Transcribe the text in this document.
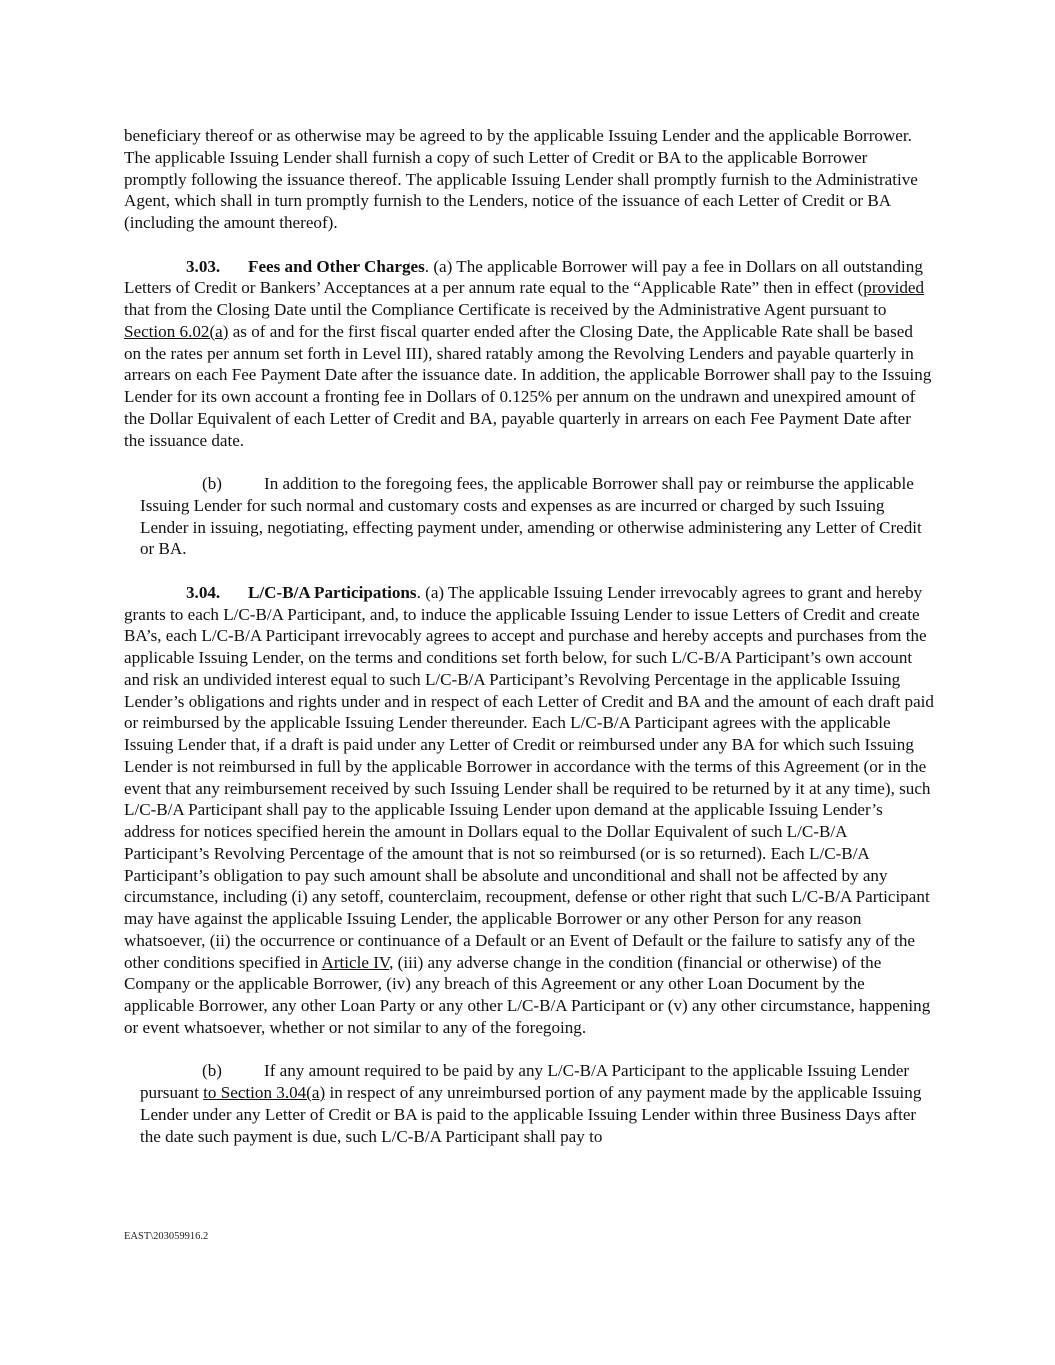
beneficiary thereof or as otherwise may be agreed to by the applicable Issuing Lender and the applicable Borrower. The applicable Issuing Lender shall furnish a copy of such Letter of Credit or BA to the applicable Borrower promptly following the issuance thereof. The applicable Issuing Lender shall promptly furnish to the Administrative Agent, which shall in turn promptly furnish to the Lenders, notice of the issuance of each Letter of Credit or BA (including the amount thereof).

3.03. Fees and Other Charges. (a) The applicable Borrower will pay a fee in Dollars on all outstanding Letters of Credit or Bankers’ Acceptances at a per annum rate equal to the “Applicable Rate” then in effect (provided that from the Closing Date until the Compliance Certificate is received by the Administrative Agent pursuant to Section 6.02(a) as of and for the first fiscal quarter ended after the Closing Date, the Applicable Rate shall be based on the rates per annum set forth in Level III), shared ratably among the Revolving Lenders and payable quarterly in arrears on each Fee Payment Date after the issuance date. In addition, the applicable Borrower shall pay to the Issuing Lender for its own account a fronting fee in Dollars of 0.125% per annum on the undrawn and unexpired amount of the Dollar Equivalent of each Letter of Credit and BA, payable quarterly in arrears on each Fee Payment Date after the issuance date.

(b) In addition to the foregoing fees, the applicable Borrower shall pay or reimburse the applicable Issuing Lender for such normal and customary costs and expenses as are incurred or charged by such Issuing Lender in issuing, negotiating, effecting payment under, amending or otherwise administering any Letter of Credit or BA.

3.04. L/C-B/A Participations. (a) The applicable Issuing Lender irrevocably agrees to grant and hereby grants to each L/C-B/A Participant, and, to induce the applicable Issuing Lender to issue Letters of Credit and create BA’s, each L/C-B/A Participant irrevocably agrees to accept and purchase and hereby accepts and purchases from the applicable Issuing Lender, on the terms and conditions set forth below, for such L/C-B/A Participant’s own account and risk an undivided interest equal to such L/C-B/A Participant’s Revolving Percentage in the applicable Issuing Lender’s obligations and rights under and in respect of each Letter of Credit and BA and the amount of each draft paid or reimbursed by the applicable Issuing Lender thereunder. Each L/C-B/A Participant agrees with the applicable Issuing Lender that, if a draft is paid under any Letter of Credit or reimbursed under any BA for which such Issuing Lender is not reimbursed in full by the applicable Borrower in accordance with the terms of this Agreement (or in the event that any reimbursement received by such Issuing Lender shall be required to be returned by it at any time), such L/C-B/A Participant shall pay to the applicable Issuing Lender upon demand at the applicable Issuing Lender’s address for notices specified herein the amount in Dollars equal to the Dollar Equivalent of such L/C-B/A Participant’s Revolving Percentage of the amount that is not so reimbursed (or is so returned). Each L/C-B/A Participant’s obligation to pay such amount shall be absolute and unconditional and shall not be affected by any circumstance, including (i) any setoff, counterclaim, recoupment, defense or other right that such L/C-B/A Participant may have against the applicable Issuing Lender, the applicable Borrower or any other Person for any reason whatsoever, (ii) the occurrence or continuance of a Default or an Event of Default or the failure to satisfy any of the other conditions specified in Article IV, (iii) any adverse change in the condition (financial or otherwise) of the Company or the applicable Borrower, (iv) any breach of this Agreement or any other Loan Document by the applicable Borrower, any other Loan Party or any other L/C-B/A Participant or (v) any other circumstance, happening or event whatsoever, whether or not similar to any of the foregoing.

(b) If any amount required to be paid by any L/C-B/A Participant to the applicable Issuing Lender pursuant to Section 3.04(a) in respect of any unreimbursed portion of any payment made by the applicable Issuing Lender under any Letter of Credit or BA is paid to the applicable Issuing Lender within three Business Days after the date such payment is due, such L/C-B/A Participant shall pay to

EAST\203059916.2
